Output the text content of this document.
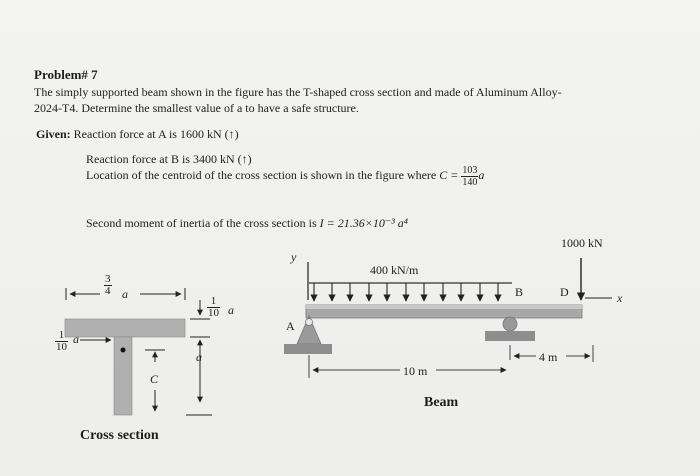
Problem# 7
The simply supported beam shown in the figure has the T-shaped cross section and made of Aluminum Alloy-
2024-T4. Determine the smallest value of a to have a safe structure.
Given: Reaction force at A is 1600 kN (↑)
Reaction force at B is 3400 kN (↑)
Location of the centroid of the cross section is shown in the figure where $C = \frac{103}{140}$ a
Second moment of inertia of the cross section is I = 21.36×10⁻³ a⁴
y
400 kN/m
1000 kN
A
B	D	x
10 m
4 m
Beam
a
a
a
a
C
Cross section
$\frac{3}{4}$
$\frac{1}{10}$
$\frac{1}{10}$
